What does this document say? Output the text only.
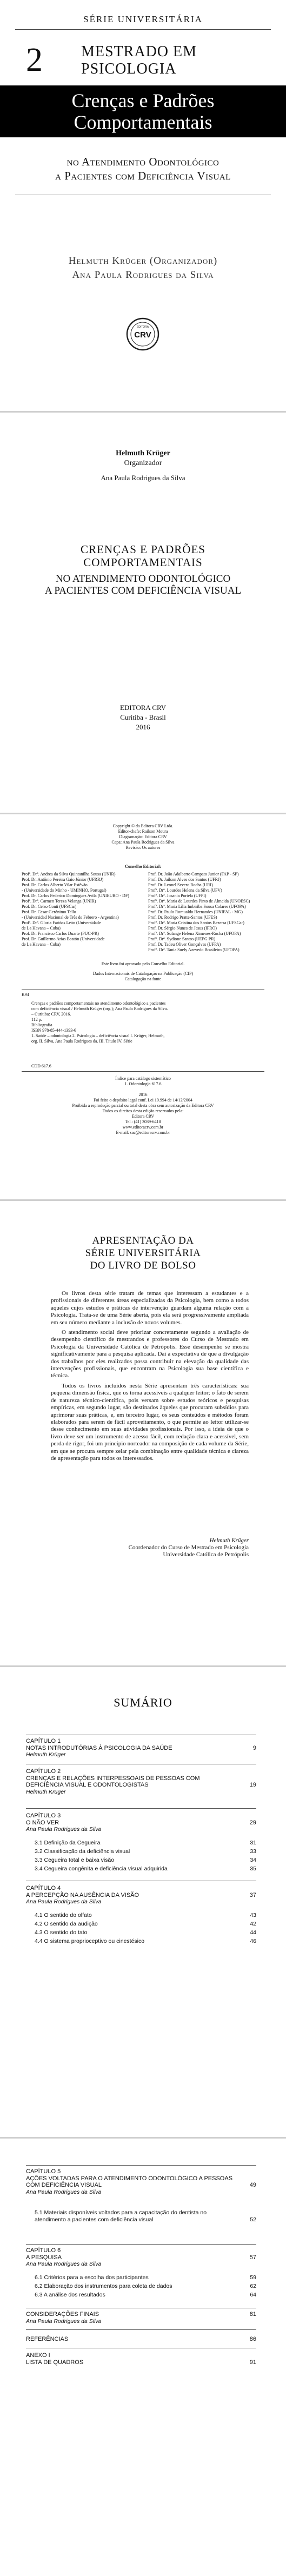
SÉRIE UNIVERSITÁRIA
2	MESTRADO EM
PSICOLOGIA
Crenças e Padrões
Comportamentais
no Atendimento Odontológico
a Pacientes com Deficiência Visual
Helmuth Krüger (Organizador)
Ana Paula Rodrigues da Silva
CRV
EDITORA
Helmuth Krüger
Organizador
Ana Paula Rodrigues da Silva
CRENÇAS E PADRÕES
COMPORTAMENTAIS
NO ATENDIMENTO ODONTOLÓGICO
A PACIENTES COM DEFICIÊNCIA VISUAL
EDITORA CRV
Curitiba - Brasil
2016
Copyright © da Editora CRV Ltda.
Editor-chefe: Railson Moura
Diagramação: Editora CRV
Capa: Ana Paula Rodrigues da Silva
Revisão: Os autores
Conselho Editorial:
Profª. Drª. Andrea da Silva Quintanilha Sousa (UNIR)
Prof. Dr. Antônio Pereira Gaio Júnior (UFRRJ)
Prof. Dr. Carlos Alberto Vilar Estêvão
- (Universidade do Minho - UMINHO, Portugal)
Prof. Dr. Carlos Federico Dominguez Avila (UNIEURO - DF)
Profª. Drª. Carmen Tereza Velanga (UNIR)
Prof. Dr. Celso Conti (UFSCar)
Prof. Dr. Cesar Gerónimo Tello
- (Universidad Nacional de Três de Febrero - Argentina)
Profª. Drª. Gloria Fariñas León (Universidade
de La Havana – Cuba)
Prof. Dr. Francisco Carlos Duarte (PUC-PR)
Prof. Dr. Guillermo Arias Beatón (Universidade
de La Havana – Cuba)
Prof. Dr. João Adalberto Campato Junior (FAP - SP)
Prof. Dr. Jailson Alves dos Santos (UFRJ)
Prof. Dr. Leonel Severo Rocha (URI)
Profª. Drª. Lourdes Helena da Silva (UFV)
Profª. Drª. Josania Portela (UFPI)
Profª. Drª. Maria de Lourdes Pinto de Almeida (UNOESC)
Profª. Drª. Maria Lília Imbiriba Sousa Colares (UFOPA)
Prof. Dr. Paulo Romualdo Hernandes (UNIFAL - MG)
Prof. Dr. Rodrigo Pratte-Santos (UFES)
Profª. Drª. Maria Cristina dos Santos Bezerra (UFSCar)
Prof. Dr. Sérgio Nunes de Jesus (IFRO)
Profª. Drª. Solange Helena Ximenes-Rocha (UFOPA)
Profª. Drª. Sydione Santos (UEPG PR)
Prof. Dr. Tadeu Oliver Gonçalves (UFPA)
Profª. Drª. Tania Suely Azevedo Brasileiro (UFOPA)
Este livro foi aprovado pelo Conselho Editorial.
Dados Internacionais de Catalogação na Publicação (CIP)
Catalogação na fonte
K94
Crenças e padrões comportamentais no atendimento odontológico a pacientes
com deficiência visual / Helmuth Krüger (org.); Ana Paula Rodrigues da Silva.
– Curitiba: CRV, 2016.
112 p.
Bibliografia
ISBN 978-85-444-1393-6
1. Saúde – odontologia 2. Psicologia – deficiência visual I. Krüger, Helmuth,
org. II. Silva, Ana Paula Rodrigues da. III. Título IV. Série
CDD 617.6
Índice para catálogo sistemático
1. Odontologia 617.6
2016
Foi feito o depósito legal conf. Lei 10.994 de 14/12/2004
Proibida a reprodução parcial ou total desta obra sem autorização da Editora CRV
Todos os direitos desta edição reservados pela:
Editora CRV
Tel.: (41) 3039-6418
www.editoracrv.com.br
E-mail: sac@editoracrv.com.br
APRESENTAÇÃO DA
SÉRIE UNIVERSITÁRIA
DO LIVRO DE BOLSO

Os livros desta série tratam de temas que interessam a estudantes e a profissionais de diferentes áreas especializadas da Psicologia, bem como a todos aqueles cujos estudos e práticas de intervenção guardam alguma relação com a Psicologia. Trata-se de uma Série aberta, pois ela será progressivamente ampliada em seu número mediante a inclusão de novos volumes.

O atendimento social deve priorizar concretamente segundo a avaliação de desempenho científico de mestrandos e professores do Curso de Mestrado em Psicologia da Universidade Católica de Petrópolis. Esse desempenho se mostra significativamente para a pesquisa aplicada. Daí a expectativa de que a divulgação dos trabalhos por eles realizados possa contribuir na elevação da qualidade das intervenções profissionais, que encontram na Psicologia sua base científica e técnica.

Todos os livros incluídos nesta Série apresentam três características: sua pequena dimensão física, que os torna acessíveis a qualquer leitor; o fato de serem de natureza técnico-científica, pois versam sobre estudos teóricos e pesquisas empíricas, em segundo lugar, são destinados àqueles que procuram subsídios para aprimorar suas práticas, e, em terceiro lugar, os seus conteúdos e métodos foram elaborados para serem de fácil aproveitamento, o que permite ao leitor utilizar-se desse conhecimento em suas atividades profissionais. Por isso, a ideia de que o livro deve ser um instrumento de acesso fácil, com redação clara e acessível, sem perda de rigor, foi um princípio norteador na composição de cada volume da Série, em que se procura sempre zelar pela combinação entre qualidade técnica e clareza de apresentação para todos os interessados.

Helmuth Krüger
Coordenador do Curso de Mestrado em Psicologia
Universidade Católica de Petrópolis
SUMÁRIO
CAPÍTULO 1
NOTAS INTRODUTÓRIAS À PSICOLOGIA DA SAÚDE	9
Helmuth Krüger
CAPÍTULO 2
CRENÇAS E RELAÇÕES INTERPESSOAIS DE PESSOAS COM DEFICIÊNCIA VISUAL E ODONTOLOGISTAS	19
Helmuth Krüger
CAPÍTULO 3
O NÃO VER	29
Ana Paula Rodrigues da Silva
3.1 Definição da Cegueira	31
3.2 Classificação da deficiência visual	33
3.3 Cegueira total e baixa visão	34
3.4 Cegueira congênita e deficiência visual adquirida	35
CAPÍTULO 4
A PERCEPÇÃO NA AUSÊNCIA DA VISÃO	37
Ana Paula Rodrigues da Silva
4.1 O sentido do olfato	43
4.2 O sentido da audição	42
4.3 O sentido do tato	44
4.4 O sistema proprioceptivo ou cinestésico	46
CAPÍTULO 5
AÇÕES VOLTADAS PARA O ATENDIMENTO ODONTOLÓGICO A PESSOAS COM DEFICIÊNCIA VISUAL	49
Ana Paula Rodrigues da Silva
5.1 Materiais disponíveis voltados para a capacitação do dentista no atendimento a pacientes com deficiência visual	52
CAPÍTULO 6
A PESQUISA	57
Ana Paula Rodrigues da Silva
6.1 Critérios para a escolha dos participantes	59
6.2 Elaboração dos instrumentos para coleta de dados	62
6.3 A análise dos resultados	64
CONSIDERAÇÕES FINAIS	81
Ana Paula Rodrigues da Silva
REFERÊNCIAS	86
ANEXO I
LISTA DE QUADROS	91
